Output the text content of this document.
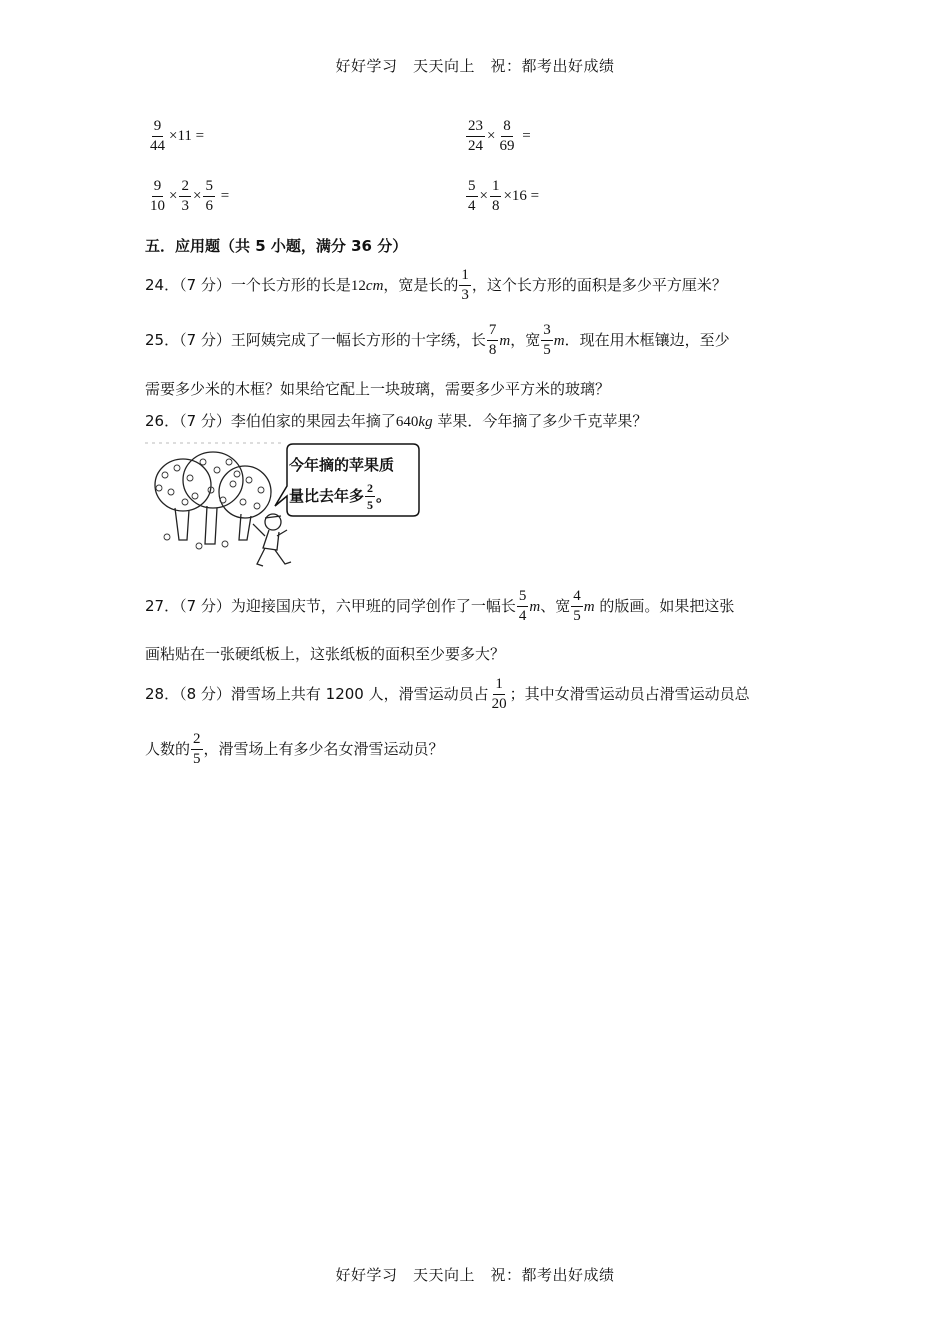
好好学习　天天向上　祝：都考出好成绩
$\frac{9}{44} \times 11$ =	$\frac{23}{24} \times \frac{8}{69}$ =
$\frac{9}{10} \times \frac{2}{3} \times \frac{5}{6}$ =	$\frac{5}{4} \times \frac{1}{8} \times 16$ =
五．应用题（共 5 小题，满分 36 分）
24．（7 分）一个长方形的长是12cm，宽是长的 $\frac{1}{3}$ ，这个长方形的面积是多少平方厘米？
25．（7 分）王阿姨完成了一幅长方形的十字绣，长 $\frac{7}{8}$ m，宽 $\frac{3}{5}$ m．现在用木框镶边，至少
需要多少米的木框？如果给它配上一块玻璃，需要多少平方米的玻璃？
26．（7 分）李伯伯家的果园去年摘了640kg 苹果．今年摘了多少千克苹果？
今年摘的苹果质
量比去年多 $\frac{2}{5}$ 。
27．（7 分）为迎接国庆节，六甲班的同学创作了一幅长 $\frac{5}{4}$ m、宽 $\frac{4}{5}$ m 的版画。如果把这张
画粘贴在一张硬纸板上，这张纸板的面积至少要多大？
28．（8 分）滑雪场上共有 1200 人，滑雪运动员占 $\frac{1}{20}$ ；其中女滑雪运动员占滑雪运动员总
人数的 $\frac{2}{5}$ ，滑雪场上有多少名女滑雪运动员？
好好学习　天天向上　祝：都考出好成绩
